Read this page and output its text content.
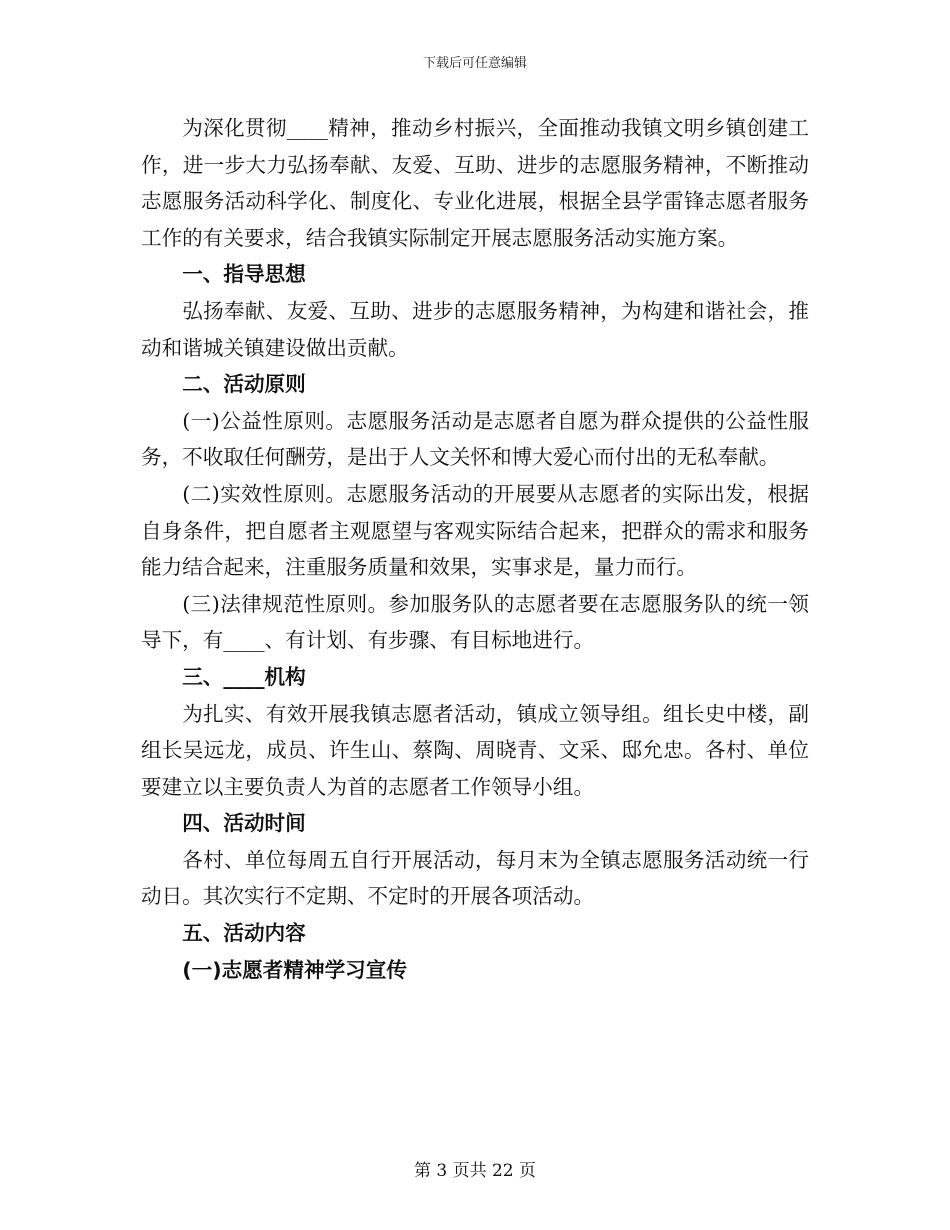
下载后可任意编辑

为深化贯彻____精神，推动乡村振兴，全面推动我镇文明乡镇创建工作，进一步大力弘扬奉献、友爱、互助、进步的志愿服务精神，不断推动志愿服务活动科学化、制度化、专业化进展，根据全县学雷锋志愿者服务工作的有关要求，结合我镇实际制定开展志愿服务活动实施方案。

一、指导思想

弘扬奉献、友爱、互助、进步的志愿服务精神，为构建和谐社会，推动和谐城关镇建设做出贡献。

二、活动原则

(一)公益性原则。志愿服务活动是志愿者自愿为群众提供的公益性服务，不收取任何酬劳，是出于人文关怀和博大爱心而付出的无私奉献。

(二)实效性原则。志愿服务活动的开展要从志愿者的实际出发，根据自身条件，把自愿者主观愿望与客观实际结合起来，把群众的需求和服务能力结合起来，注重服务质量和效果，实事求是，量力而行。

(三)法律规范性原则。参加服务队的志愿者要在志愿服务队的统一领导下，有____、有计划、有步骤、有目标地进行。

三、____机构

为扎实、有效开展我镇志愿者活动，镇成立领导组。组长史中楼，副组长吴远龙，成员、许生山、蔡陶、周晓青、文采、邸允忠。各村、单位要建立以主要负责人为首的志愿者工作领导小组。

四、活动时间

各村、单位每周五自行开展活动，每月末为全镇志愿服务活动统一行动日。其次实行不定期、不定时的开展各项活动。

五、活动内容

(一)志愿者精神学习宣传

第 3 页共 22 页
